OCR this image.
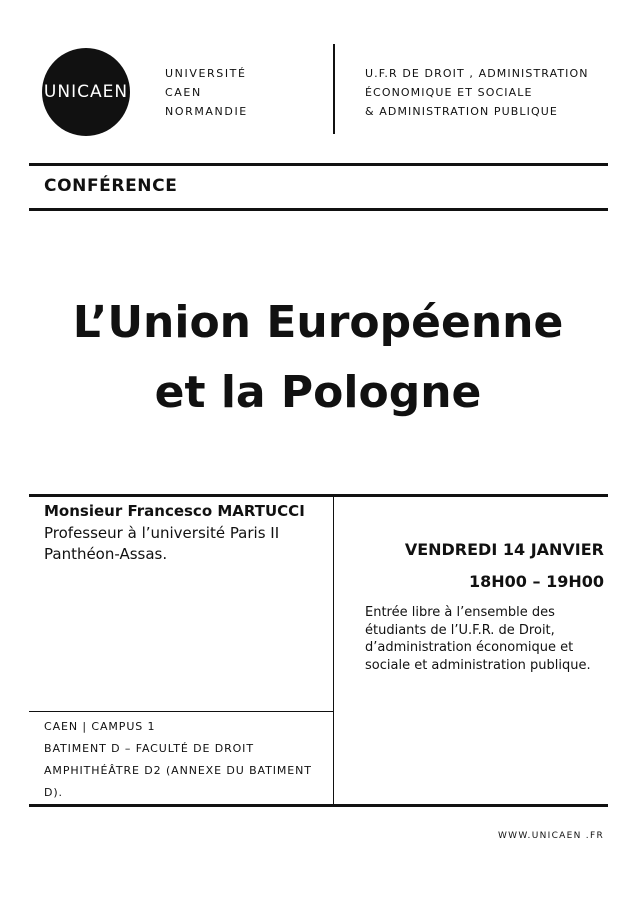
UNICAEN
UNIVERSITÉ
CAEN
NORMANDIE
U.F.R DE DROIT , ADMINISTRATION
ÉCONOMIQUE ET SOCIALE
& ADMINISTRATION PUBLIQUE
CONFÉRENCE
L’Union Européenne
et la Pologne
Monsieur Francesco MARTUCCI
Professeur à l’université Paris II
Panthéon-Assas.	VENDREDI 14 JANVIER
18H00 – 19H00
Entrée libre à l’ensemble des étudiants de l’U.F.R. de Droit, d’administration économique et sociale et administration publique.
CAEN | CAMPUS 1
BATIMENT D – FACULTÉ DE DROIT
AMPHITHÉÂTRE D2 (ANNEXE DU BATIMENT D).
WWW.UNICAEN .FR
